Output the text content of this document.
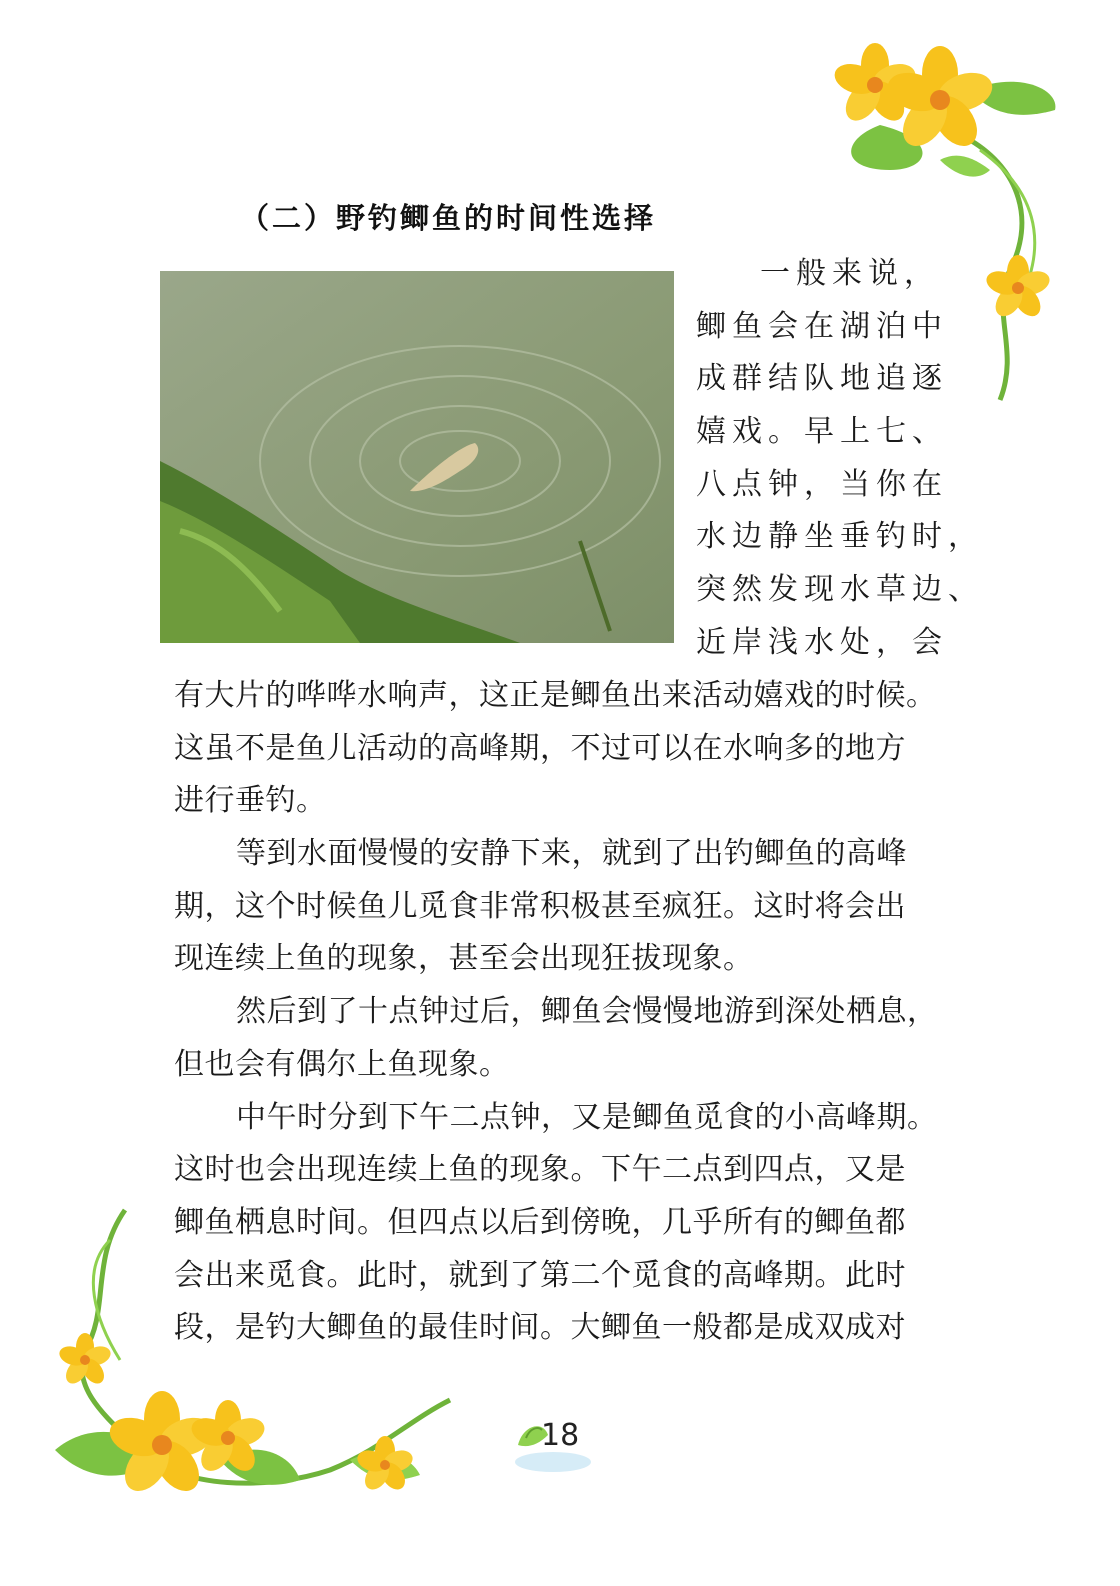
（二）野钓鲫鱼的时间性选择
一般来说，
鲫鱼会在湖泊中
成群结队地追逐
嬉戏。早上七、
八点钟，当你在
水边静坐垂钓时，
突然发现水草边、
近岸浅水处，会
有大片的哗哗水响声，这正是鲫鱼出来活动嬉戏的时候。
这虽不是鱼儿活动的高峰期，不过可以在水响多的地方
进行垂钓。
等到水面慢慢的安静下来，就到了出钓鲫鱼的高峰
期，这个时候鱼儿觅食非常积极甚至疯狂。这时将会出
现连续上鱼的现象，甚至会出现狂拔现象。
然后到了十点钟过后，鲫鱼会慢慢地游到深处栖息，
但也会有偶尔上鱼现象。
中午时分到下午二点钟，又是鲫鱼觅食的小高峰期。
这时也会出现连续上鱼的现象。下午二点到四点，又是
鲫鱼栖息时间。但四点以后到傍晚，几乎所有的鲫鱼都
会出来觅食。此时，就到了第二个觅食的高峰期。此时
段，是钓大鲫鱼的最佳时间。大鲫鱼一般都是成双成对
18
